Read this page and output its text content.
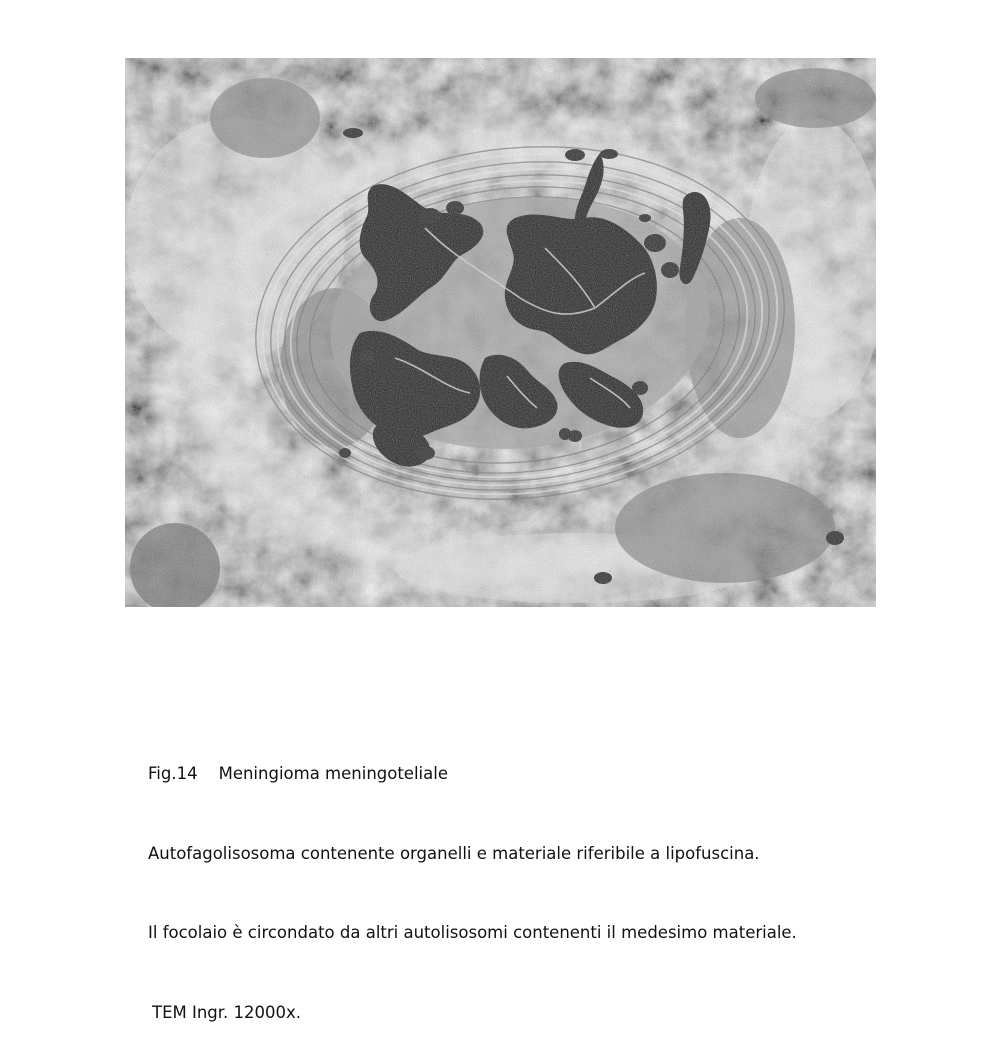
Fig.14 Meningioma meningoteliale

Autofagolisosoma contenente organelli e materiale riferibile a lipofuscina.

Il focolaio è circondato da altri autolisosomi contenenti il medesimo materiale.

TEM Ingr. 12000x.
